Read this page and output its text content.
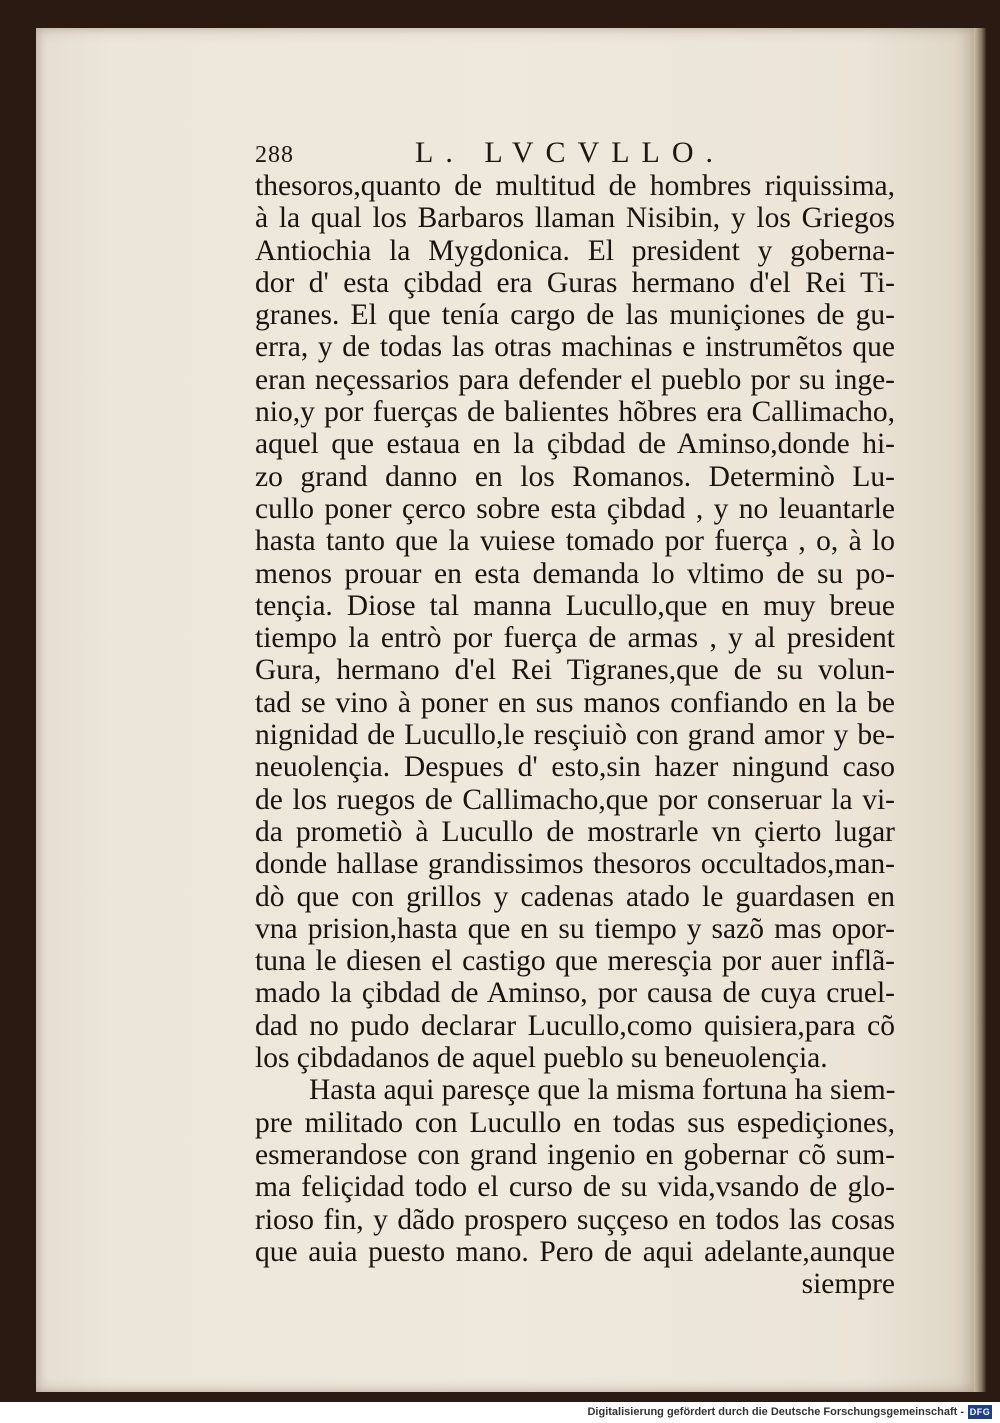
288	L. LVCVLLO.
thesoros,quanto de multitud de hombres riquissima,
à la qual los Barbaros llaman Nisibin, y los Griegos
Antiochia la Mygdonica. El president y goberna-
dor d' esta çibdad era Guras hermano d'el Rei Ti-
granes. El que tenía cargo de las muniçiones de gu-
erra, y de todas las otras machinas e instrumẽtos que
eran neçessarios para defender el pueblo por su inge-
nio,y por fuerças de balientes hõbres era Callimacho,
aquel que estaua en la çibdad de Aminso,donde hi-
zo grand danno en los Romanos. Determinò Lu-
cullo poner çerco sobre esta çibdad , y no leuantarle
hasta tanto que la vuiese tomado por fuerça , o, à lo
menos prouar en esta demanda lo vltimo de su po-
tençia. Diose tal manna Lucullo,que en muy breue
tiempo la entrò por fuerça de armas , y al president
Gura, hermano d'el Rei Tigranes,que de su volun-
tad se vino à poner en sus manos confiando en la be
nignidad de Lucullo,le resçiuiò con grand amor y be-
neuolençia. Despues d' esto,sin hazer ningund caso
de los ruegos de Callimacho,que por conseruar la vi-
da prometiò à Lucullo de mostrarle vn çierto lugar
donde hallase grandissimos thesoros occultados,man-
dò que con grillos y cadenas atado le guardasen en
vna prision,hasta que en su tiempo y sazõ mas opor-
tuna le diesen el castigo que meresçia por auer inflã-
mado la çibdad de Aminso, por causa de cuya cruel-
dad no pudo declarar Lucullo,como quisiera,para cõ
los çibdadanos de aquel pueblo su beneuolençia.
Hasta aqui paresçe que la misma fortuna ha siem-
pre militado con Lucullo en todas sus espediçiones,
esmerandose con grand ingenio en gobernar cõ sum-
ma feliçidad todo el curso de su vida,vsando de glo-
rioso fin, y dãdo prospero suççeso en todos las cosas
que auia puesto mano. Pero de aqui adelante,aunque
siempre
Digitalisierung gefördert durch die Deutsche Forschungsgemeinschaft - DFG
